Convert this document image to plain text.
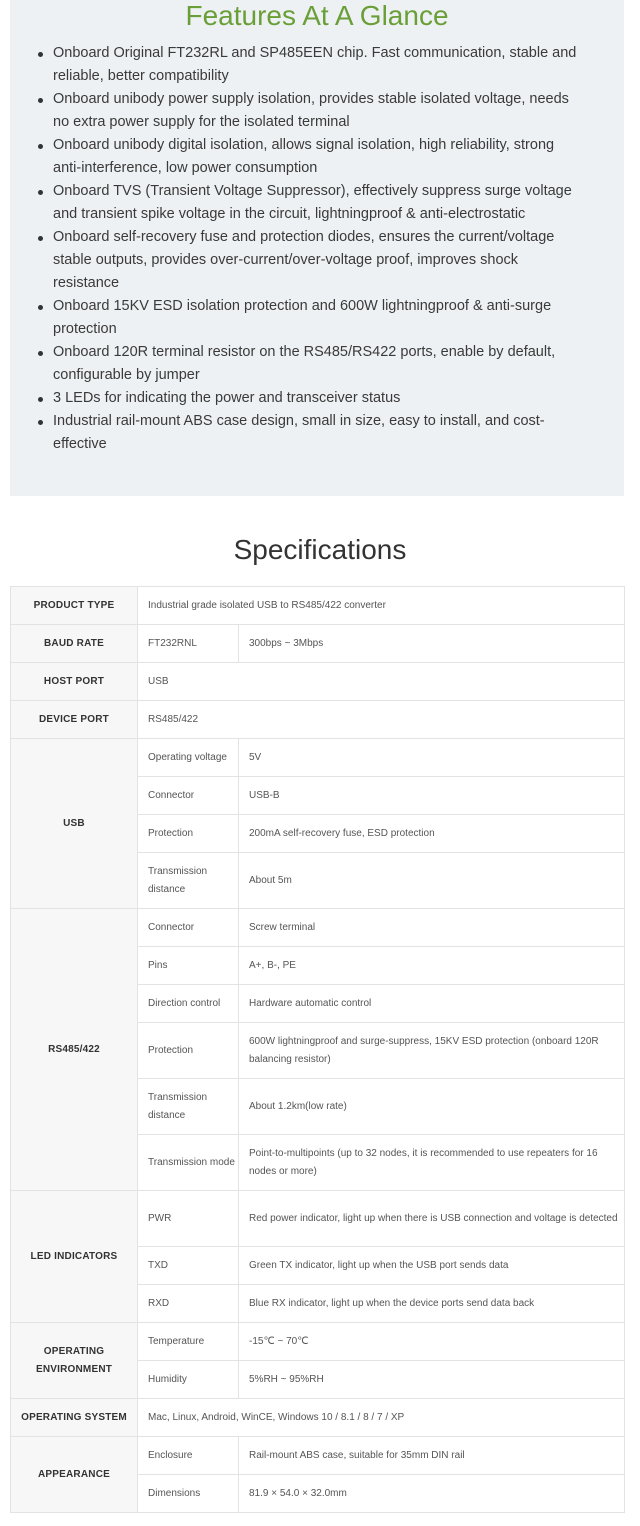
Features At A Glance
Onboard Original FT232RL and SP485EEN chip. Fast communication, stable and reliable, better compatibility
Onboard unibody power supply isolation, provides stable isolated voltage, needs no extra power supply for the isolated terminal
Onboard unibody digital isolation, allows signal isolation, high reliability, strong anti-interference, low power consumption
Onboard TVS (Transient Voltage Suppressor), effectively suppress surge voltage and transient spike voltage in the circuit, lightningproof & anti-electrostatic
Onboard self-recovery fuse and protection diodes, ensures the current/voltage stable outputs, provides over-current/over-voltage proof, improves shock resistance
Onboard 15KV ESD isolation protection and 600W lightningproof & anti-surge protection
Onboard 120R terminal resistor on the RS485/RS422 ports, enable by default, configurable by jumper
3 LEDs for indicating the power and transceiver status
Industrial rail-mount ABS case design, small in size, easy to install, and cost-effective
Specifications
PRODUCT TYPE	Industrial grade isolated USB to RS485/422 converter	
BAUD RATE	FT232RNL	300bps ~ 3Mbps
HOST PORT	USB	
DEVICE PORT	RS485/422	
USB	Operating voltage	5V
	Connector	USB-B
	Protection	200mA self-recovery fuse, ESD protection
	Transmission distance	About 5m
RS485/422	Connector	Screw terminal
	Pins	A+, B-, PE
	Direction control	Hardware automatic control
	Protection	600W lightningproof and surge-suppress, 15KV ESD protection (onboard 120R balancing resistor)
	Transmission distance	About 1.2km(low rate)
	Transmission mode	Point-to-multipoints (up to 32 nodes, it is recommended to use repeaters for 16 nodes or more)
LED INDICATORS	PWR	Red power indicator, light up when there is USB connection and voltage is detected
	TXD	Green TX indicator, light up when the USB port sends data
	RXD	Blue RX indicator, light up when the device ports send data back
OPERATING ENVIRONMENT	Temperature	-15℃ ~ 70℃
	Humidity	5%RH ~ 95%RH
OPERATING SYSTEM	Mac, Linux, Android, WinCE, Windows 10 / 8.1 / 8 / 7 / XP	
APPEARANCE	Enclosure	Rail-mount ABS case, suitable for 35mm DIN rail
	Dimensions	81.9 × 54.0 × 32.0mm
